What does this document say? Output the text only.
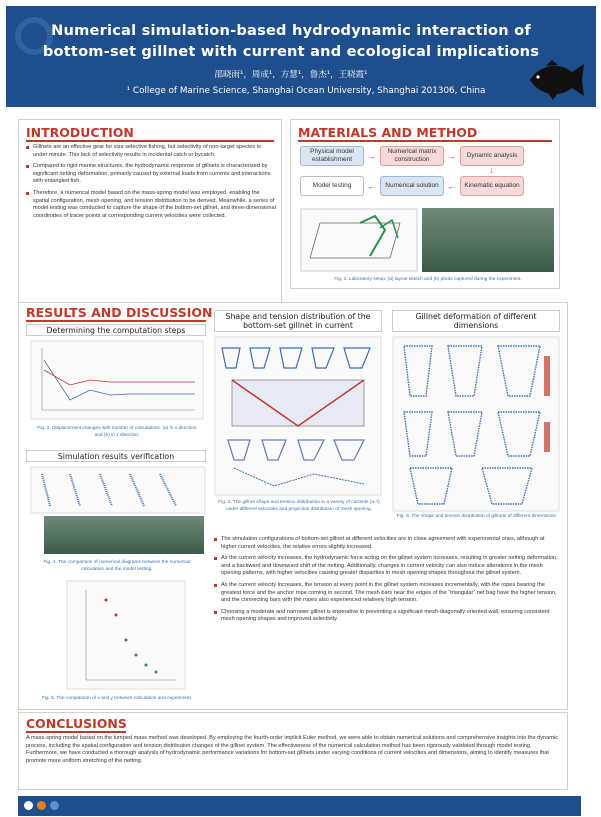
Numerical simulation-based hydrodynamic interaction of
bottom-set gillnet with current and ecological implications
邵晓雨¹，周成¹，方慧¹，鲁杰¹，王晓霞¹
¹ College of Marine Science, Shanghai Ocean University, Shanghai 201306, China
INTRODUCTION
Gillnets are an effective gear for size selective fishing, but selectivity of non-target species is under minute. This lack of selectivity results in incidental catch or bycatch.
Compared to rigid marine structures, the hydrodynamic response of gillnets is characterized by significant netting deformation, primarily caused by external loads from currents and interactions with entangled fish.
Therefore, a numerical model based on the mass-spring model was employed, enabling the spatial configuration, mesh opening, and tension distribution to be derived. Meanwhile, a series of model testing was conducted to capture the shape of the bottom-set gillnet, and three-dimensional coordinates of tracer points at corresponding current velocities were collected.
MATERIALS AND METHOD
Physical model establishment	→	Numerical matrix construction	→	Dynamic analysis
↓
Model testing	←	Numerical solution ←	Kinematic equation
Fig. 1. Laboratory setup: (a) layout sketch and (b) photo captured during the experiment.
RESULTS AND DISCUSSION
Determining the computation steps
Fig. 2. Displacement changes with number of calculations. (a) in x direction and (b) in z direction.
Simulation results verification
Fig. 4. The comparison of numerical diagrams between the numerical calculation and the model testing.
Fig. 5. The comparison of x and y between calculation and experiment.
Shape and tension distribution of the bottom-set gillnet in current
Fig. 3. The gillnet shape and tension distribution in a variety of currents (a–f) under different velocities and projection distribution of mesh opening.
Gillnet deformation of different dimensions
Fig. 6. The shape and tension distribution of gillnets of different dimensions.
The simulation configurations of bottom-set gillnet at different velocities are in close agreement with experimental ones, although at higher current velocities, the relative errors slightly increased.
As the current velocity increases, the hydrodynamic force acting on the gillnet system increases, resulting in greater netting deformation, and a backward and downward shift of the netting. Additionally, changes in current velocity can also induce alterations in the mesh opening patterns, with higher velocities causing greater disparities in mesh opening shapes throughout the gillnet system.
As the current velocity increases, the tension at every point in the gillnet system increases incrementally, with the ropes bearing the greatest force and the anchor rope coming in second. The mesh bars near the edges of the “triangular” net bag have the higher tension, and the connecting bars with the ropes also experienced relatively high tension.
Choosing a moderate and narrower gillnet is imperative in preventing a significant mesh-diagonally oriented wall, ensuring consistent mesh opening shapes and improved selectivity.
CONCLUSIONS
A mass-spring model based on the lumped mass method was developed. By employing the fourth-order implicit Euler method, we were able to obtain numerical solutions and comprehensive insights into the dynamic process, including the spatial configuration and tension distribution changes of the gillnet system. The effectiveness of the numerical calculation method has been rigorously validated through model testing. Furthermore, we have conducted a thorough analysis of hydrodynamic performance variations for bottom-set gillnets under varying conditions of current velocities and dimensions, aiming to identify measures that promote more uniform stretching of the netting.
